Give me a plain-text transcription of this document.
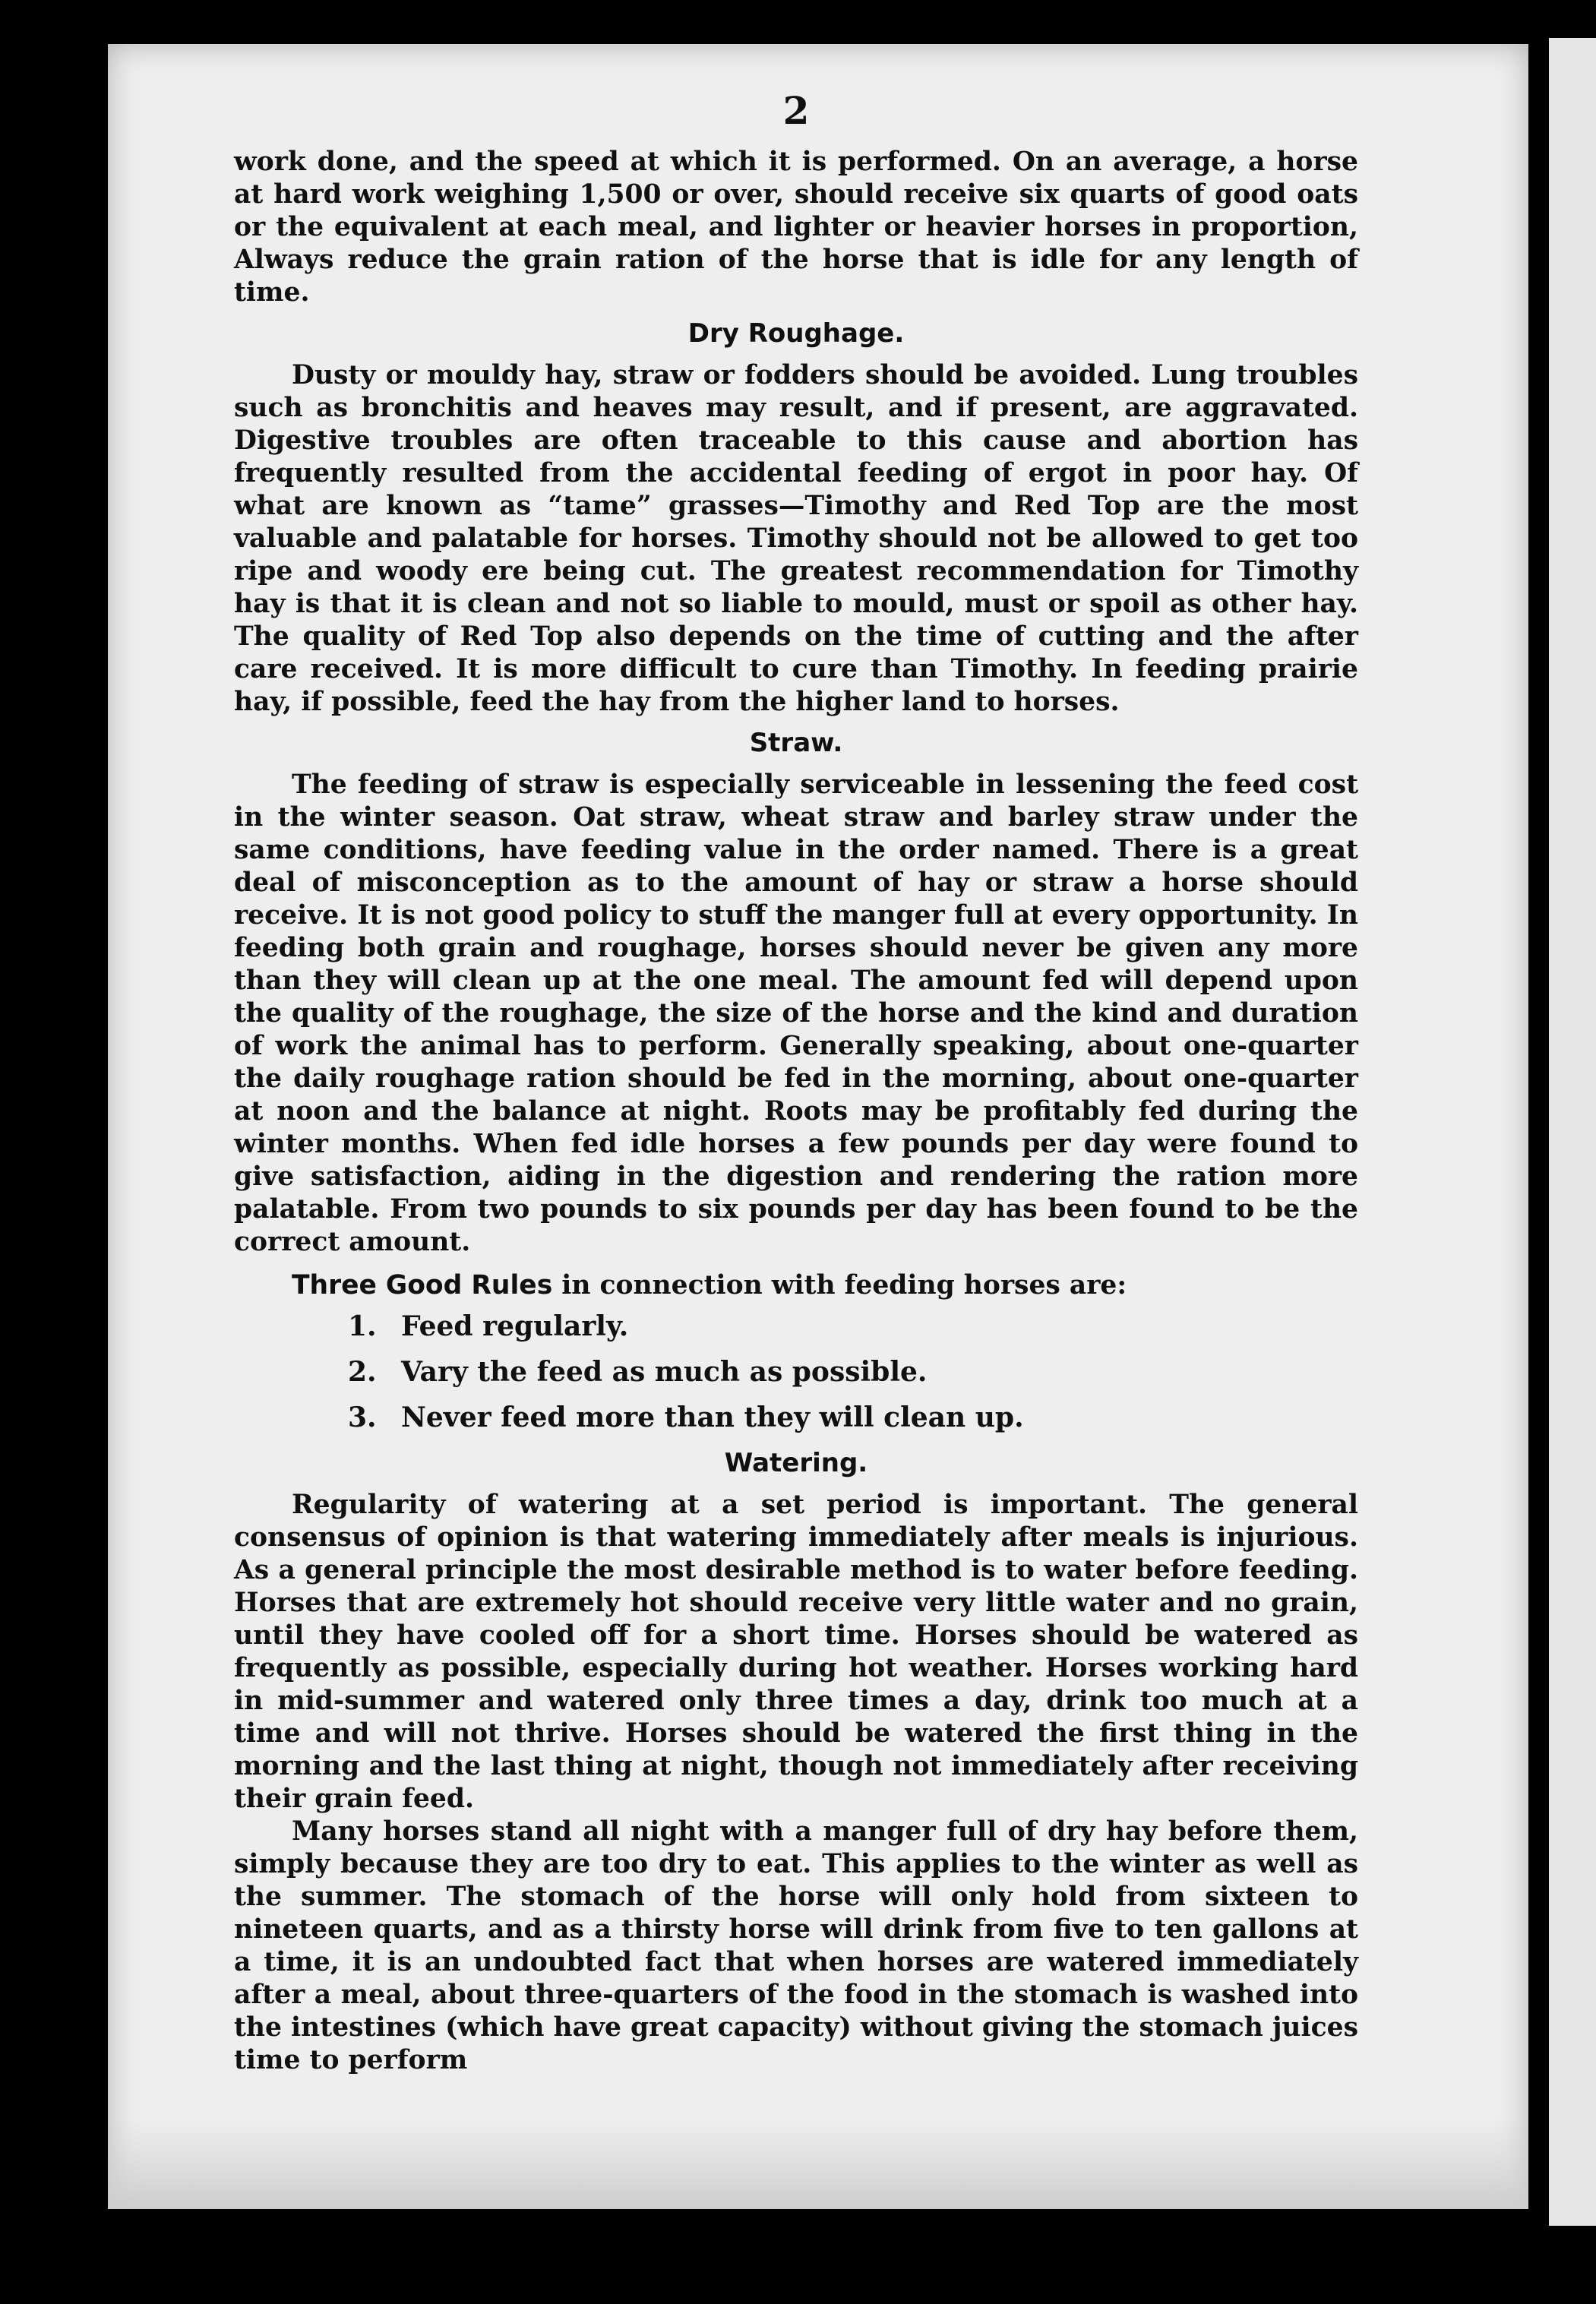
2

work done, and the speed at which it is performed. On an average, a horse at hard work weighing 1,500 or over, should receive six quarts of good oats or the equivalent at each meal, and lighter or heavier horses in proportion, Always reduce the grain ration of the horse that is idle for any length of time.

Dry Roughage.

Dusty or mouldy hay, straw or fodders should be avoided. Lung troubles such as bronchitis and heaves may result, and if present, are aggravated. Digestive troubles are often traceable to this cause and abortion has frequently resulted from the accidental feeding of ergot in poor hay. Of what are known as “tame” grasses—Timothy and Red Top are the most valuable and palatable for horses. Timothy should not be allowed to get too ripe and woody ere being cut. The greatest recommendation for Timothy hay is that it is clean and not so liable to mould, must or spoil as other hay. The quality of Red Top also depends on the time of cutting and the after care received. It is more difficult to cure than Timothy. In feeding prairie hay, if possible, feed the hay from the higher land to horses.

Straw.

The feeding of straw is especially serviceable in lessening the feed cost in the winter season. Oat straw, wheat straw and barley straw under the same conditions, have feeding value in the order named. There is a great deal of misconception as to the amount of hay or straw a horse should receive. It is not good policy to stuff the manger full at every opportunity. In feeding both grain and roughage, horses should never be given any more than they will clean up at the one meal. The amount fed will depend upon the quality of the roughage, the size of the horse and the kind and duration of work the animal has to perform. Generally speaking, about one-quarter the daily roughage ration should be fed in the morning, about one-quarter at noon and the balance at night. Roots may be profitably fed during the winter months. When fed idle horses a few pounds per day were found to give satisfaction, aiding in the digestion and rendering the ration more palatable. From two pounds to six pounds per day has been found to be the correct amount.

Three Good Rules in connection with feeding horses are:

1. Feed regularly.
2. Vary the feed as much as possible.
3. Never feed more than they will clean up.
Watering.

Regularity of watering at a set period is important. The general consensus of opinion is that watering immediately after meals is injurious. As a general principle the most desirable method is to water before feeding. Horses that are extremely hot should receive very little water and no grain, until they have cooled off for a short time. Horses should be watered as frequently as possible, especially during hot weather. Horses working hard in mid-summer and watered only three times a day, drink too much at a time and will not thrive. Horses should be watered the first thing in the morning and the last thing at night, though not immediately after receiving their grain feed.

Many horses stand all night with a manger full of dry hay before them, simply because they are too dry to eat. This applies to the winter as well as the summer. The stomach of the horse will only hold from sixteen to nineteen quarts, and as a thirsty horse will drink from five to ten gallons at a time, it is an undoubted fact that when horses are watered immediately after a meal, about three-quarters of the food in the stomach is washed into the intestines (which have great capacity) without giving the stomach juices time to perform
